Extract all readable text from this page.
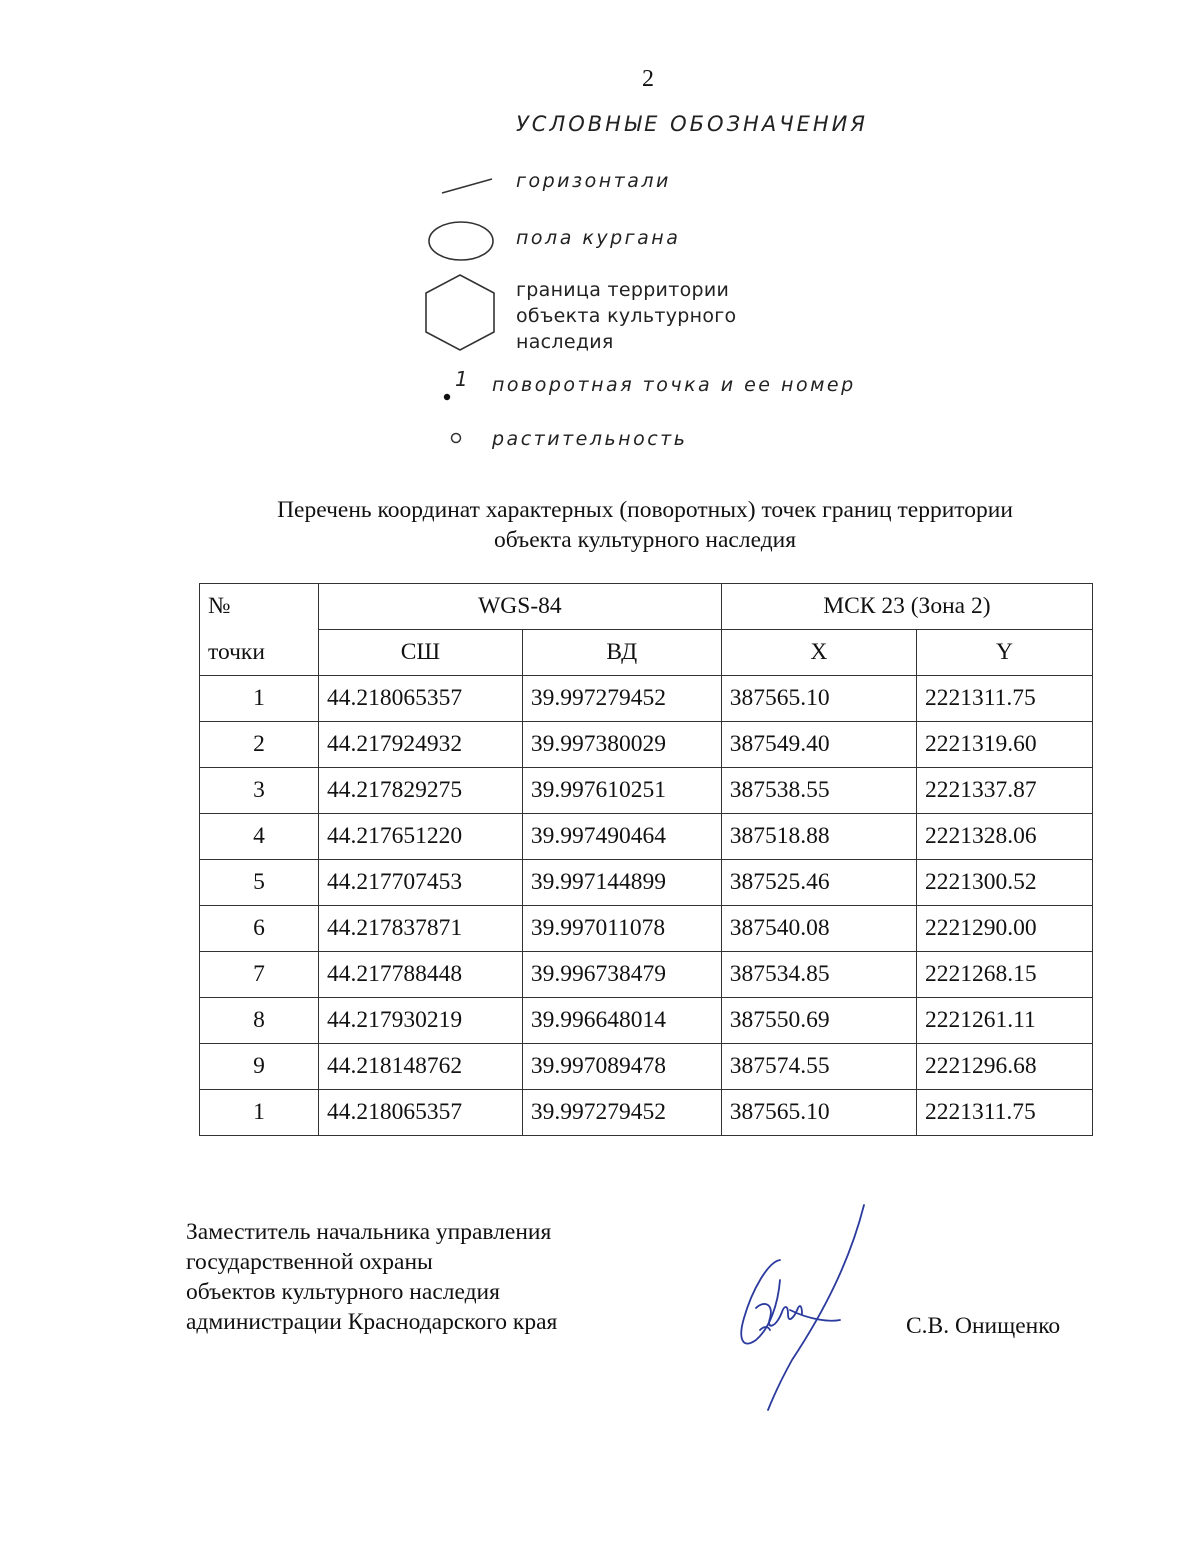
2
УСЛОВНЫЕ ОБОЗНАЧЕНИЯ
горизонтали
пола кургана
граница территории
объекта культурного
наследия
1 поворотная точка и ее номер
растительность
Перечень координат характерных (поворотных) точек границ территории
объекта культурного наследия
№	WGS-84		МСК 23 (Зона 2)	
точки	СШ	ВД	X	Y
1	44.218065357	39.997279452	387565.10	2221311.75
2	44.217924932	39.997380029	387549.40	2221319.60
3	44.217829275	39.997610251	387538.55	2221337.87
4	44.217651220	39.997490464	387518.88	2221328.06
5	44.217707453	39.997144899	387525.46	2221300.52
6	44.217837871	39.997011078	387540.08	2221290.00
7	44.217788448	39.996738479	387534.85	2221268.15
8	44.217930219	39.996648014	387550.69	2221261.11
9	44.218148762	39.997089478	387574.55	2221296.68
1	44.218065357	39.997279452	387565.10	2221311.75
Заместитель начальника управления
государственной охраны
объектов культурного наследия
администрации Краснодарского края	С.В. Онищенко
